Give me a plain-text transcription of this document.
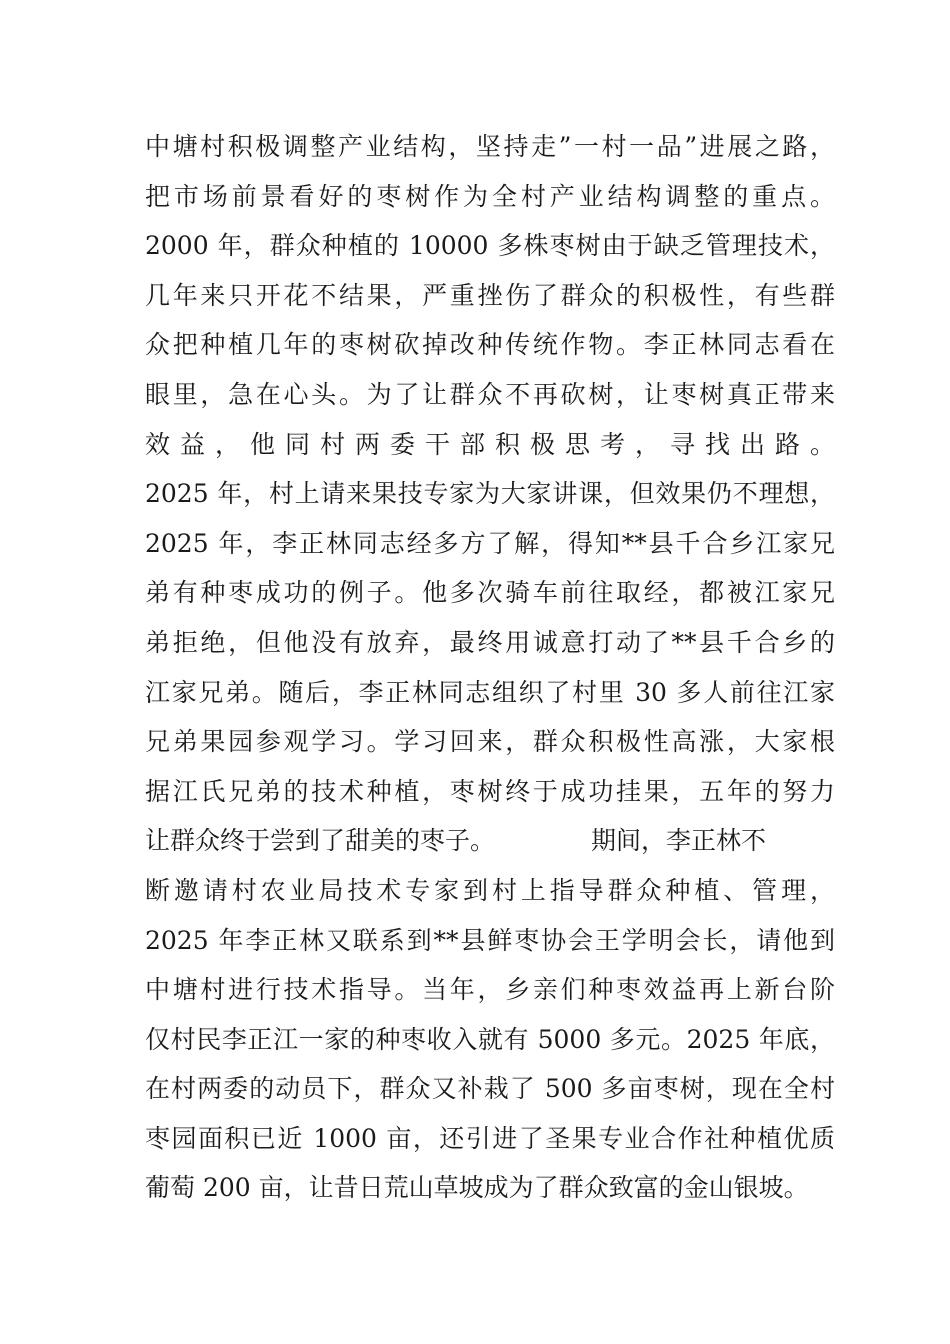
中塘村积极调整产业结构，坚持走”一村一品”进展之路，
把市场前景看好的枣树作为全村产业结构调整的重点。
2000 年，群众种植的 10000 多株枣树由于缺乏管理技术，
几年来只开花不结果，严重挫伤了群众的积极性，有些群
众把种植几年的枣树砍掉改种传统作物。李正林同志看在
眼里，急在心头。为了让群众不再砍树，让枣树真正带来
效益，他同村两委干部积极思考，寻找出路。
2025 年，村上请来果技专家为大家讲课，但效果仍不理想，
2025 年，李正林同志经多方了解，得知**县千合乡江家兄
弟有种枣成功的例子。他多次骑车前往取经，都被江家兄
弟拒绝，但他没有放弃，最终用诚意打动了**县千合乡的
江家兄弟。随后，李正林同志组织了村里 30 多人前往江家
兄弟果园参观学习。学习回来，群众积极性高涨，大家根
据江氏兄弟的技术种植，枣树终于成功挂果，五年的努力
让群众终于尝到了甜美的枣子。	期间，李正林不
断邀请村农业局技术专家到村上指导群众种植、管理，
2025 年李正林又联系到**县鲜枣协会王学明会长，请他到
中塘村进行技术指导。当年，乡亲们种枣效益再上新台阶
仅村民李正江一家的种枣收入就有 5000 多元。2025 年底，
在村两委的动员下，群众又补栽了 500 多亩枣树，现在全村
枣园面积已近 1000 亩，还引进了圣果专业合作社种植优质
葡萄 200 亩，让昔日荒山草坡成为了群众致富的金山银坡。
